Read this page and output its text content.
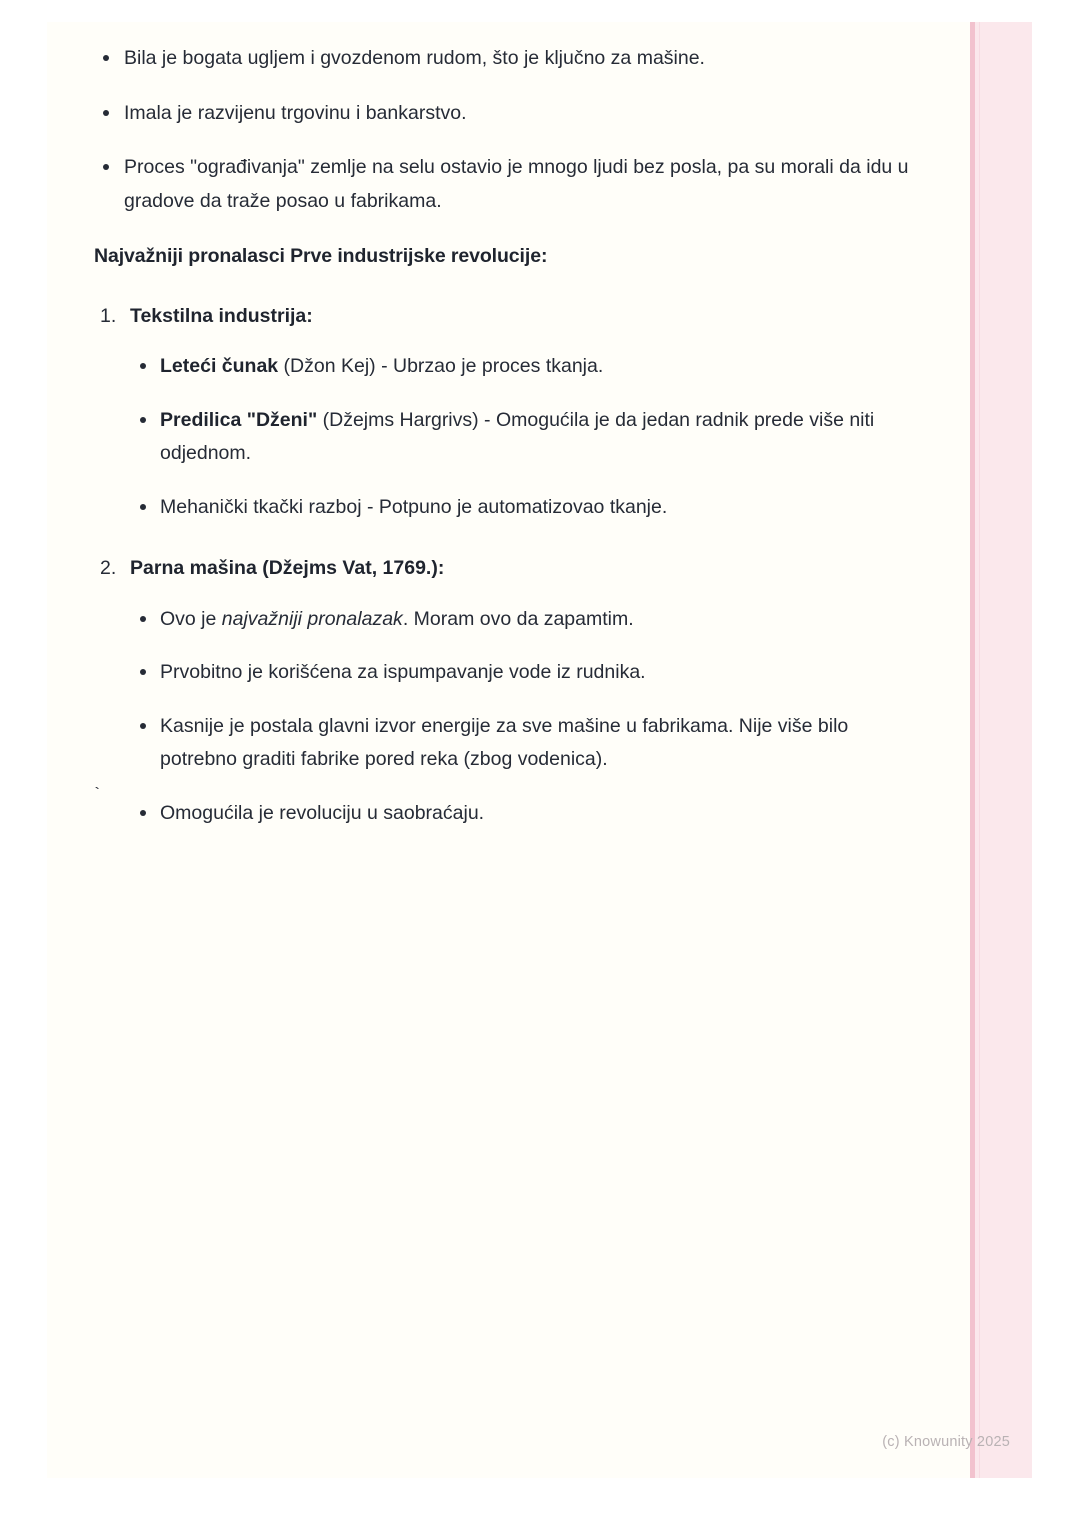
Bila je bogata ugljem i gvozdenom rudom, što je ključno za mašine.
Imala je razvijenu trgovinu i bankarstvo.
Proces "ograđivanja" zemlje na selu ostavio je mnogo ljudi bez posla, pa su morali da idu u gradove da traže posao u fabrikama.
Najvažniji pronalasci Prve industrijske revolucije:
1. Tekstilna industrija:
Leteći čunak (Džon Kej) - Ubrzao je proces tkanja.
Predilica "Dženi" (Džejms Hargrivs) - Omogućila je da jedan radnik prede više niti odjednom.
Mehanički tkački razboj - Potpuno je automatizovao tkanje.
2. Parna mašina (Džejms Vat, 1769.):
Ovo je najvažniji pronalazak. Moram ovo da zapamtim.
Prvobitno je korišćena za ispumpavanje vode iz rudnika.
Kasnije je postala glavni izvor energije za sve mašine u fabrikama. Nije više bilo potrebno graditi fabrike pored reka (zbog vodenica).
Omogućila je revoluciju u saobraćaju.
`
(c) Knowunity 2025
